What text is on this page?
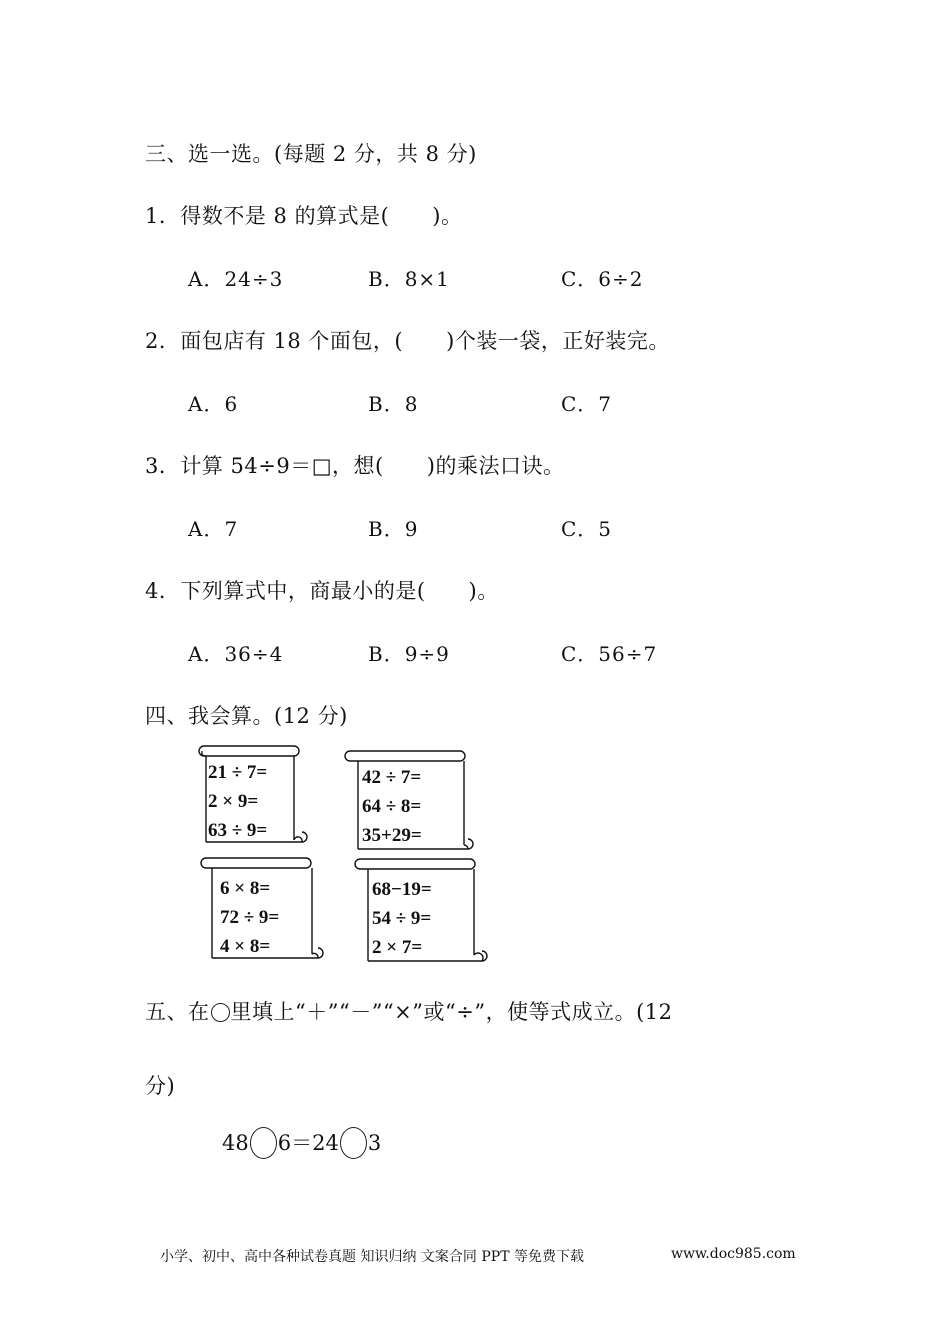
三、选一选。(每题 2 分，共 8 分)
1．得数不是 8 的算式是(　　)。
A．24÷3	B．8×1	C．6÷2
2．面包店有 18 个面包，(　　)个装一袋，正好装完。
A．6	B．8	C．7
3．计算 54÷9＝□，想(　　)的乘法口诀。
A．7	B．9	C．5
4．下列算式中，商最小的是(　　)。
A．36÷4	B．9÷9	C．56÷7
四、我会算。(12 分)
21 ÷ 7=
2 × 9=
63 ÷ 9=
42 ÷ 7=
64 ÷ 8=
35+29=
6 × 8=
72 ÷ 9=
4 × 8=
68−19=
54 ÷ 9=
2 × 7=
五、在 里填上“＋”“－”“×”或“÷”，使等式成立。(12
分)
48 6＝24 3
小学、初中、高中各种试卷真题 知识归纳 文案合同 PPT 等免费下载	www.doc985.com
